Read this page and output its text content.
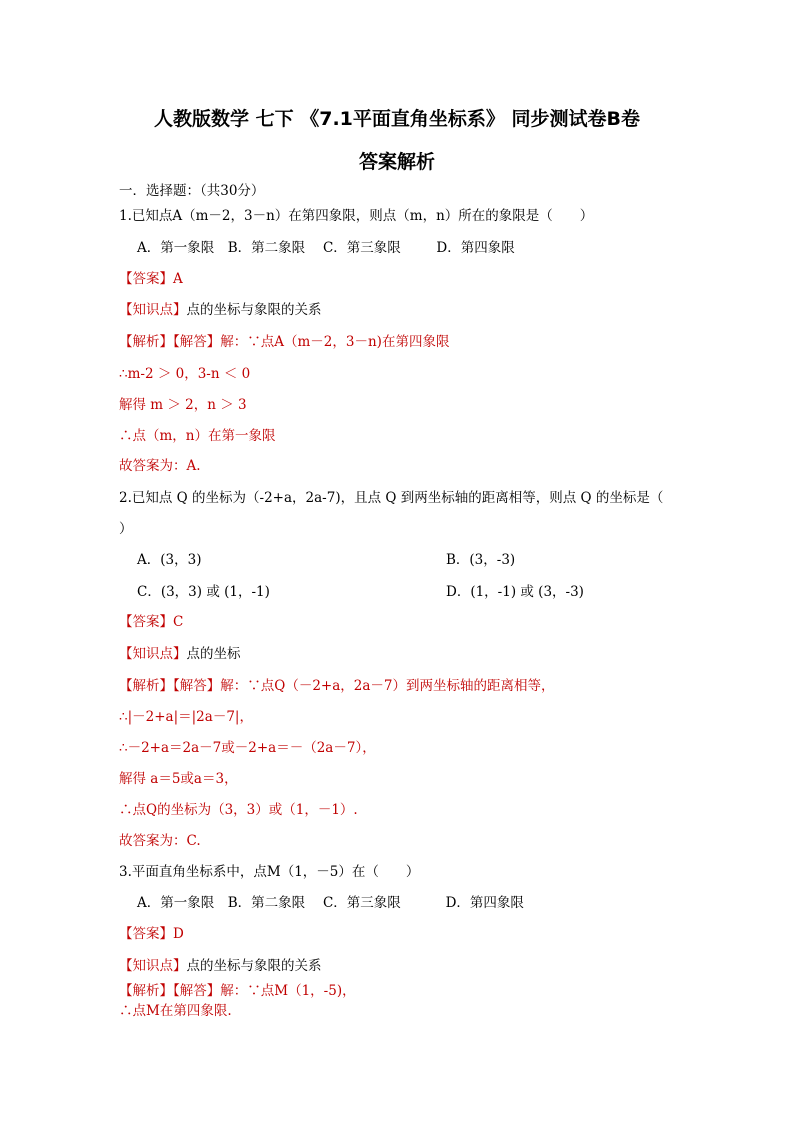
人教版数学 七下 《7.1平面直角坐标系》 同步测试卷B卷
答案解析
一．选择题：（共30分）
1.已知点A（m－2，3－n）在第四象限，则点（m，n）所在的象限是（　　）
A．第一象限　B．第二象限　 C．第三象限　 　 D．第四象限
【答案】A
【知识点】点的坐标与象限的关系
【解析】【解答】解：∵点A（m－2，3－n)在第四象限
∴m-2 ＞ 0，3-n ＜ 0
解得 m ＞ 2，n ＞ 3
∴点（m，n）在第一象限
故答案为：A.
2.已知点 Q 的坐标为（-2+a，2a-7)，且点 Q 到两坐标轴的距离相等，则点 Q 的坐标是（
）
A．(3，3)	B．(3，-3)
C．(3，3) 或 (1，-1)	D．(1，-1) 或 (3，-3)
【答案】C
【知识点】点的坐标
【解析】【解答】解：∵点Q（－2+a，2a－7）到两坐标轴的距离相等，
∴|－2+a|＝|2a－7|，
∴－2+a＝2a－7或－2+a＝－（2a－7），
解得 a＝5或a＝3，
∴点Q的坐标为（3，3）或（1，－1）.
故答案为：C.
3.平面直角坐标系中，点M（1，－5）在（　　）
A．第一象限　B．第二象限　 C．第三象限　　　 D．第四象限
【答案】D
【知识点】点的坐标与象限的关系
【解析】【解答】解：∵点M（1，-5)，
∴点M在第四象限.
